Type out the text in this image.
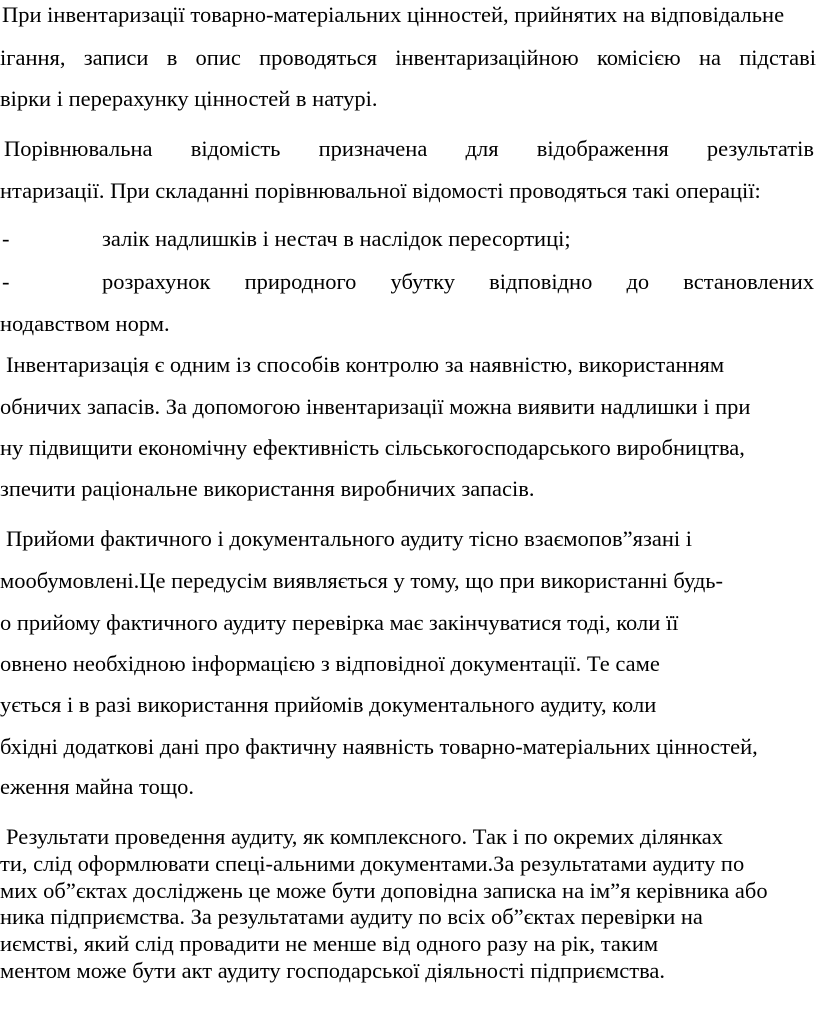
При інвентаризації товарно-матеріальних цінностей, прийнятих на відповідальне
ігання, записи в опис проводяться інвентаризаційною комісією на підставі
вірки і перерахунку цінностей в натурі.
Порівнювальна відомість призначена для відображення результатів
нтаризації. При складанні порівнювальної відомості проводяться такі операції:
-	залік надлишків і нестач в наслідок пересортиці;
-	розрахунок природного убутку відповідно до встановлених
нодавством норм.
Інвентаризація є одним із способів контролю за наявністю, використанням
обничих запасів. За допомогою інвентаризації можна виявити надлишки і при
ну підвищити економічну ефективність сільськогосподарського виробництва,
зпечити раціональне використання виробничих запасів.
Прийоми фактичного і документального аудиту тісно взаємопов”язані і
мообумовлені.Це передусім виявляється у тому, що при використанні будь-
о прийому фактичного аудиту перевірка має закінчуватися тоді, коли її
овнено необхідною інформацією з відповідної документації. Те саме
ується і в разі використання прийомів документального аудиту, коли
бхідні додаткові дані про фактичну наявність товарно-матеріальних цінностей,
еження майна тощо.
Результати проведення аудиту, як комплексного. Так і по окремих ділянках
ти, слід оформлювати спеці-альними документами.За результатами аудиту по
мих об”єктах досліджень це може бути доповідна записка на ім”я керівника або
ника підприємства. За результатами аудиту по всіх об”єктах перевірки на
иємстві, який слід провадити не менше від одного разу на рік, таким
ментом може бути акт аудиту господарської діяльності підприємства.
